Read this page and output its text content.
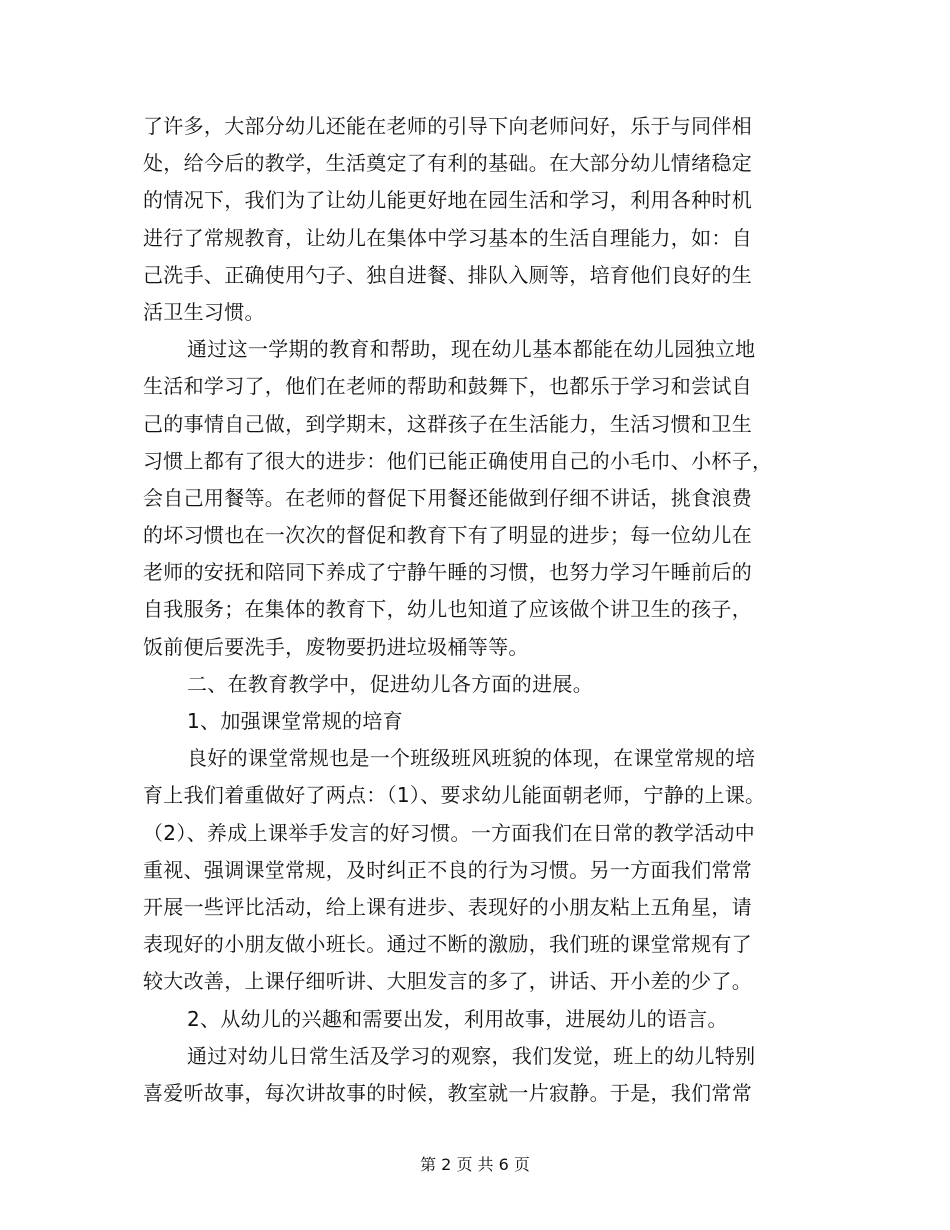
了许多，大部分幼儿还能在老师的引导下向老师问好，乐于与同伴相
处，给今后的教学，生活奠定了有利的基础。在大部分幼儿情绪稳定
的情况下，我们为了让幼儿能更好地在园生活和学习，利用各种时机
进行了常规教育，让幼儿在集体中学习基本的生活自理能力，如：自
己洗手、正确使用勺子、独自进餐、排队入厕等，培育他们良好的生
活卫生习惯。
通过这一学期的教育和帮助，现在幼儿基本都能在幼儿园独立地
生活和学习了，他们在老师的帮助和鼓舞下，也都乐于学习和尝试自
己的事情自己做，到学期末，这群孩子在生活能力，生活习惯和卫生
习惯上都有了很大的进步：他们已能正确使用自己的小毛巾、小杯子，
会自己用餐等。在老师的督促下用餐还能做到仔细不讲话，挑食浪费
的坏习惯也在一次次的督促和教育下有了明显的进步；每一位幼儿在
老师的安抚和陪同下养成了宁静午睡的习惯，也努力学习午睡前后的
自我服务；在集体的教育下，幼儿也知道了应该做个讲卫生的孩子，
饭前便后要洗手，废物要扔进垃圾桶等等。
二、在教育教学中，促进幼儿各方面的进展。
1、加强课堂常规的培育
良好的课堂常规也是一个班级班风班貌的体现，在课堂常规的培
育上我们着重做好了两点：（1）、要求幼儿能面朝老师，宁静的上课。
（2）、养成上课举手发言的好习惯。一方面我们在日常的教学活动中
重视、强调课堂常规，及时纠正不良的行为习惯。另一方面我们常常
开展一些评比活动，给上课有进步、表现好的小朋友粘上五角星，请
表现好的小朋友做小班长。通过不断的激励，我们班的课堂常规有了
较大改善，上课仔细听讲、大胆发言的多了，讲话、开小差的少了。
2、从幼儿的兴趣和需要出发，利用故事，进展幼儿的语言。
通过对幼儿日常生活及学习的观察，我们发觉，班上的幼儿特别
喜爱听故事，每次讲故事的时候，教室就一片寂静。于是，我们常常
第 2 页 共 6 页
